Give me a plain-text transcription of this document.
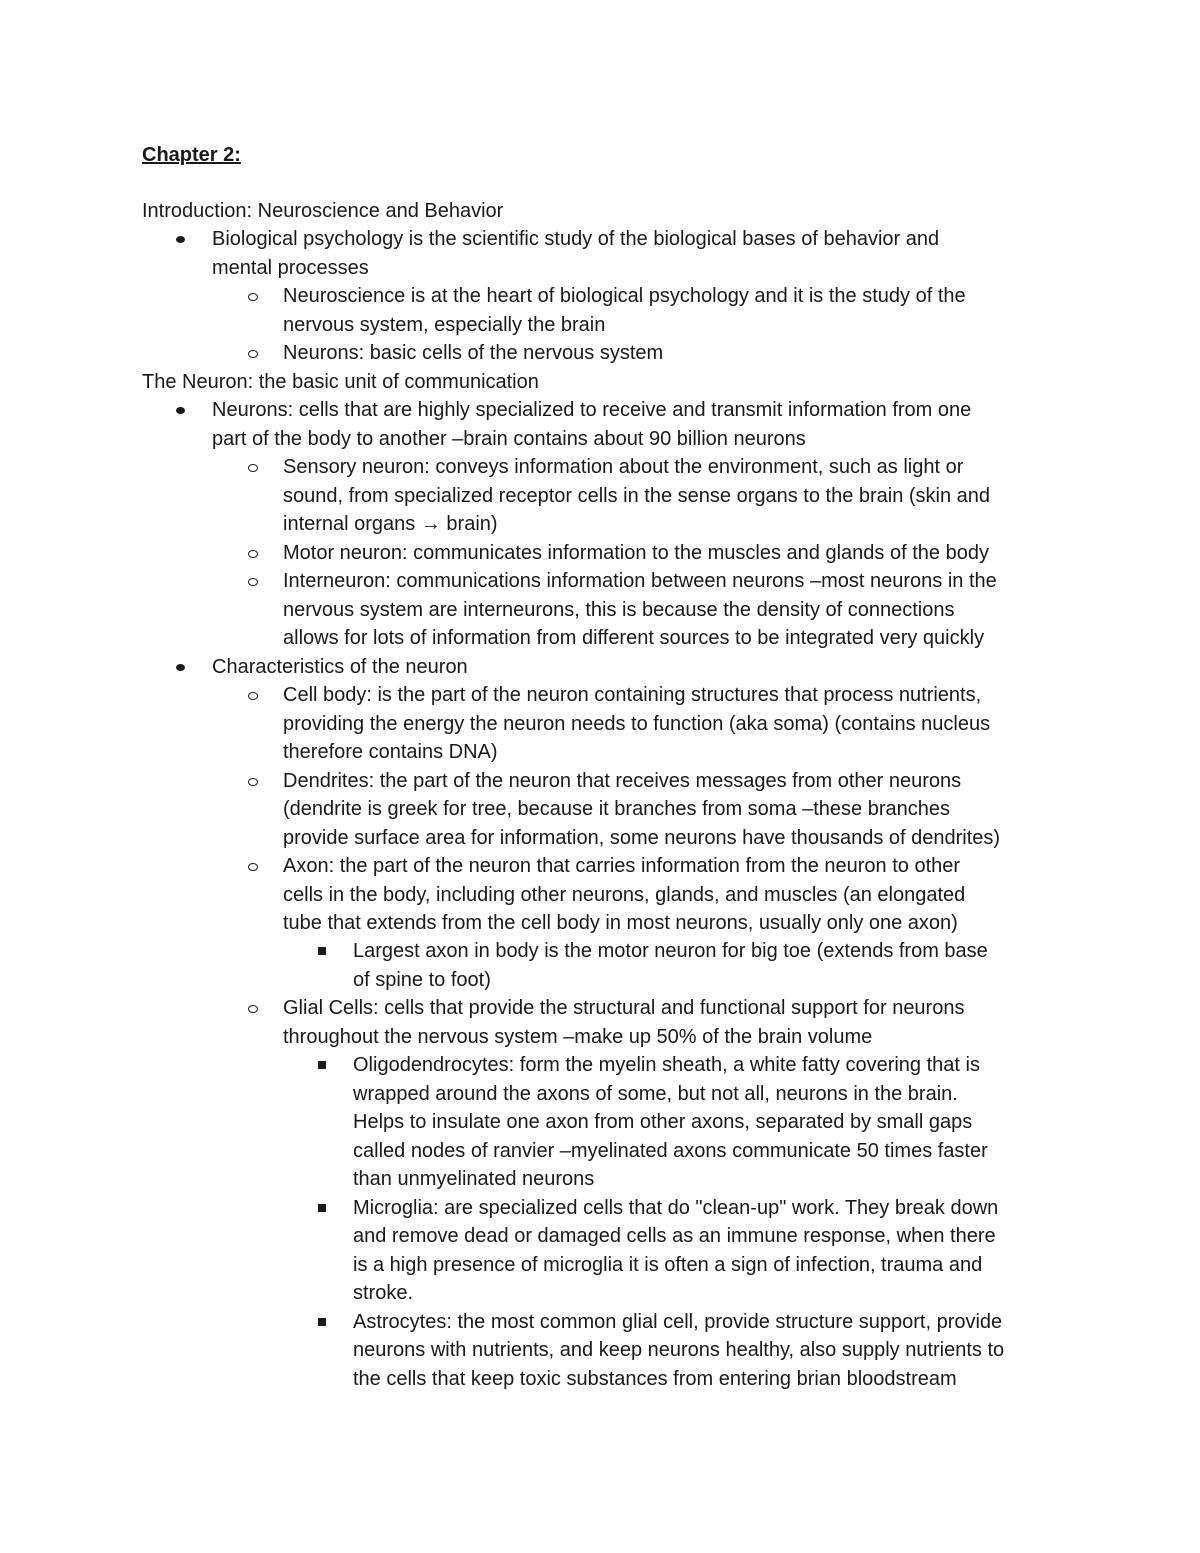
Chapter 2:
Introduction: Neuroscience and Behavior
Biological psychology is the scientific study of the biological bases of behavior and
mental processes
Neuroscience is at the heart of biological psychology and it is the study of the
nervous system, especially the brain
Neurons: basic cells of the nervous system
The Neuron: the basic unit of communication
Neurons: cells that are highly specialized to receive and transmit information from one
part of the body to another –brain contains about 90 billion neurons
Sensory neuron: conveys information about the environment, such as light or
sound, from specialized receptor cells in the sense organs to the brain (skin and
internal organs → brain)
Motor neuron: communicates information to the muscles and glands of the body
Interneuron: communications information between neurons –most neurons in the
nervous system are interneurons, this is because the density of connections
allows for lots of information from different sources to be integrated very quickly
Characteristics of the neuron
Cell body: is the part of the neuron containing structures that process nutrients,
providing the energy the neuron needs to function (aka soma) (contains nucleus
therefore contains DNA)
Dendrites: the part of the neuron that receives messages from other neurons
(dendrite is greek for tree, because it branches from soma –these branches
provide surface area for information, some neurons have thousands of dendrites)
Axon: the part of the neuron that carries information from the neuron to other
cells in the body, including other neurons, glands, and muscles (an elongated
tube that extends from the cell body in most neurons, usually only one axon)
Largest axon in body is the motor neuron for big toe (extends from base
of spine to foot)
Glial Cells: cells that provide the structural and functional support for neurons
throughout the nervous system –make up 50% of the brain volume
Oligodendrocytes: form the myelin sheath, a white fatty covering that is
wrapped around the axons of some, but not all, neurons in the brain.
Helps to insulate one axon from other axons, separated by small gaps
called nodes of ranvier –myelinated axons communicate 50 times faster
than unmyelinated neurons
Microglia: are specialized cells that do "clean-up" work. They break down
and remove dead or damaged cells as an immune response, when there
is a high presence of microglia it is often a sign of infection, trauma and
stroke.
Astrocytes: the most common glial cell, provide structure support, provide
neurons with nutrients, and keep neurons healthy, also supply nutrients to
the cells that keep toxic substances from entering brian bloodstream
